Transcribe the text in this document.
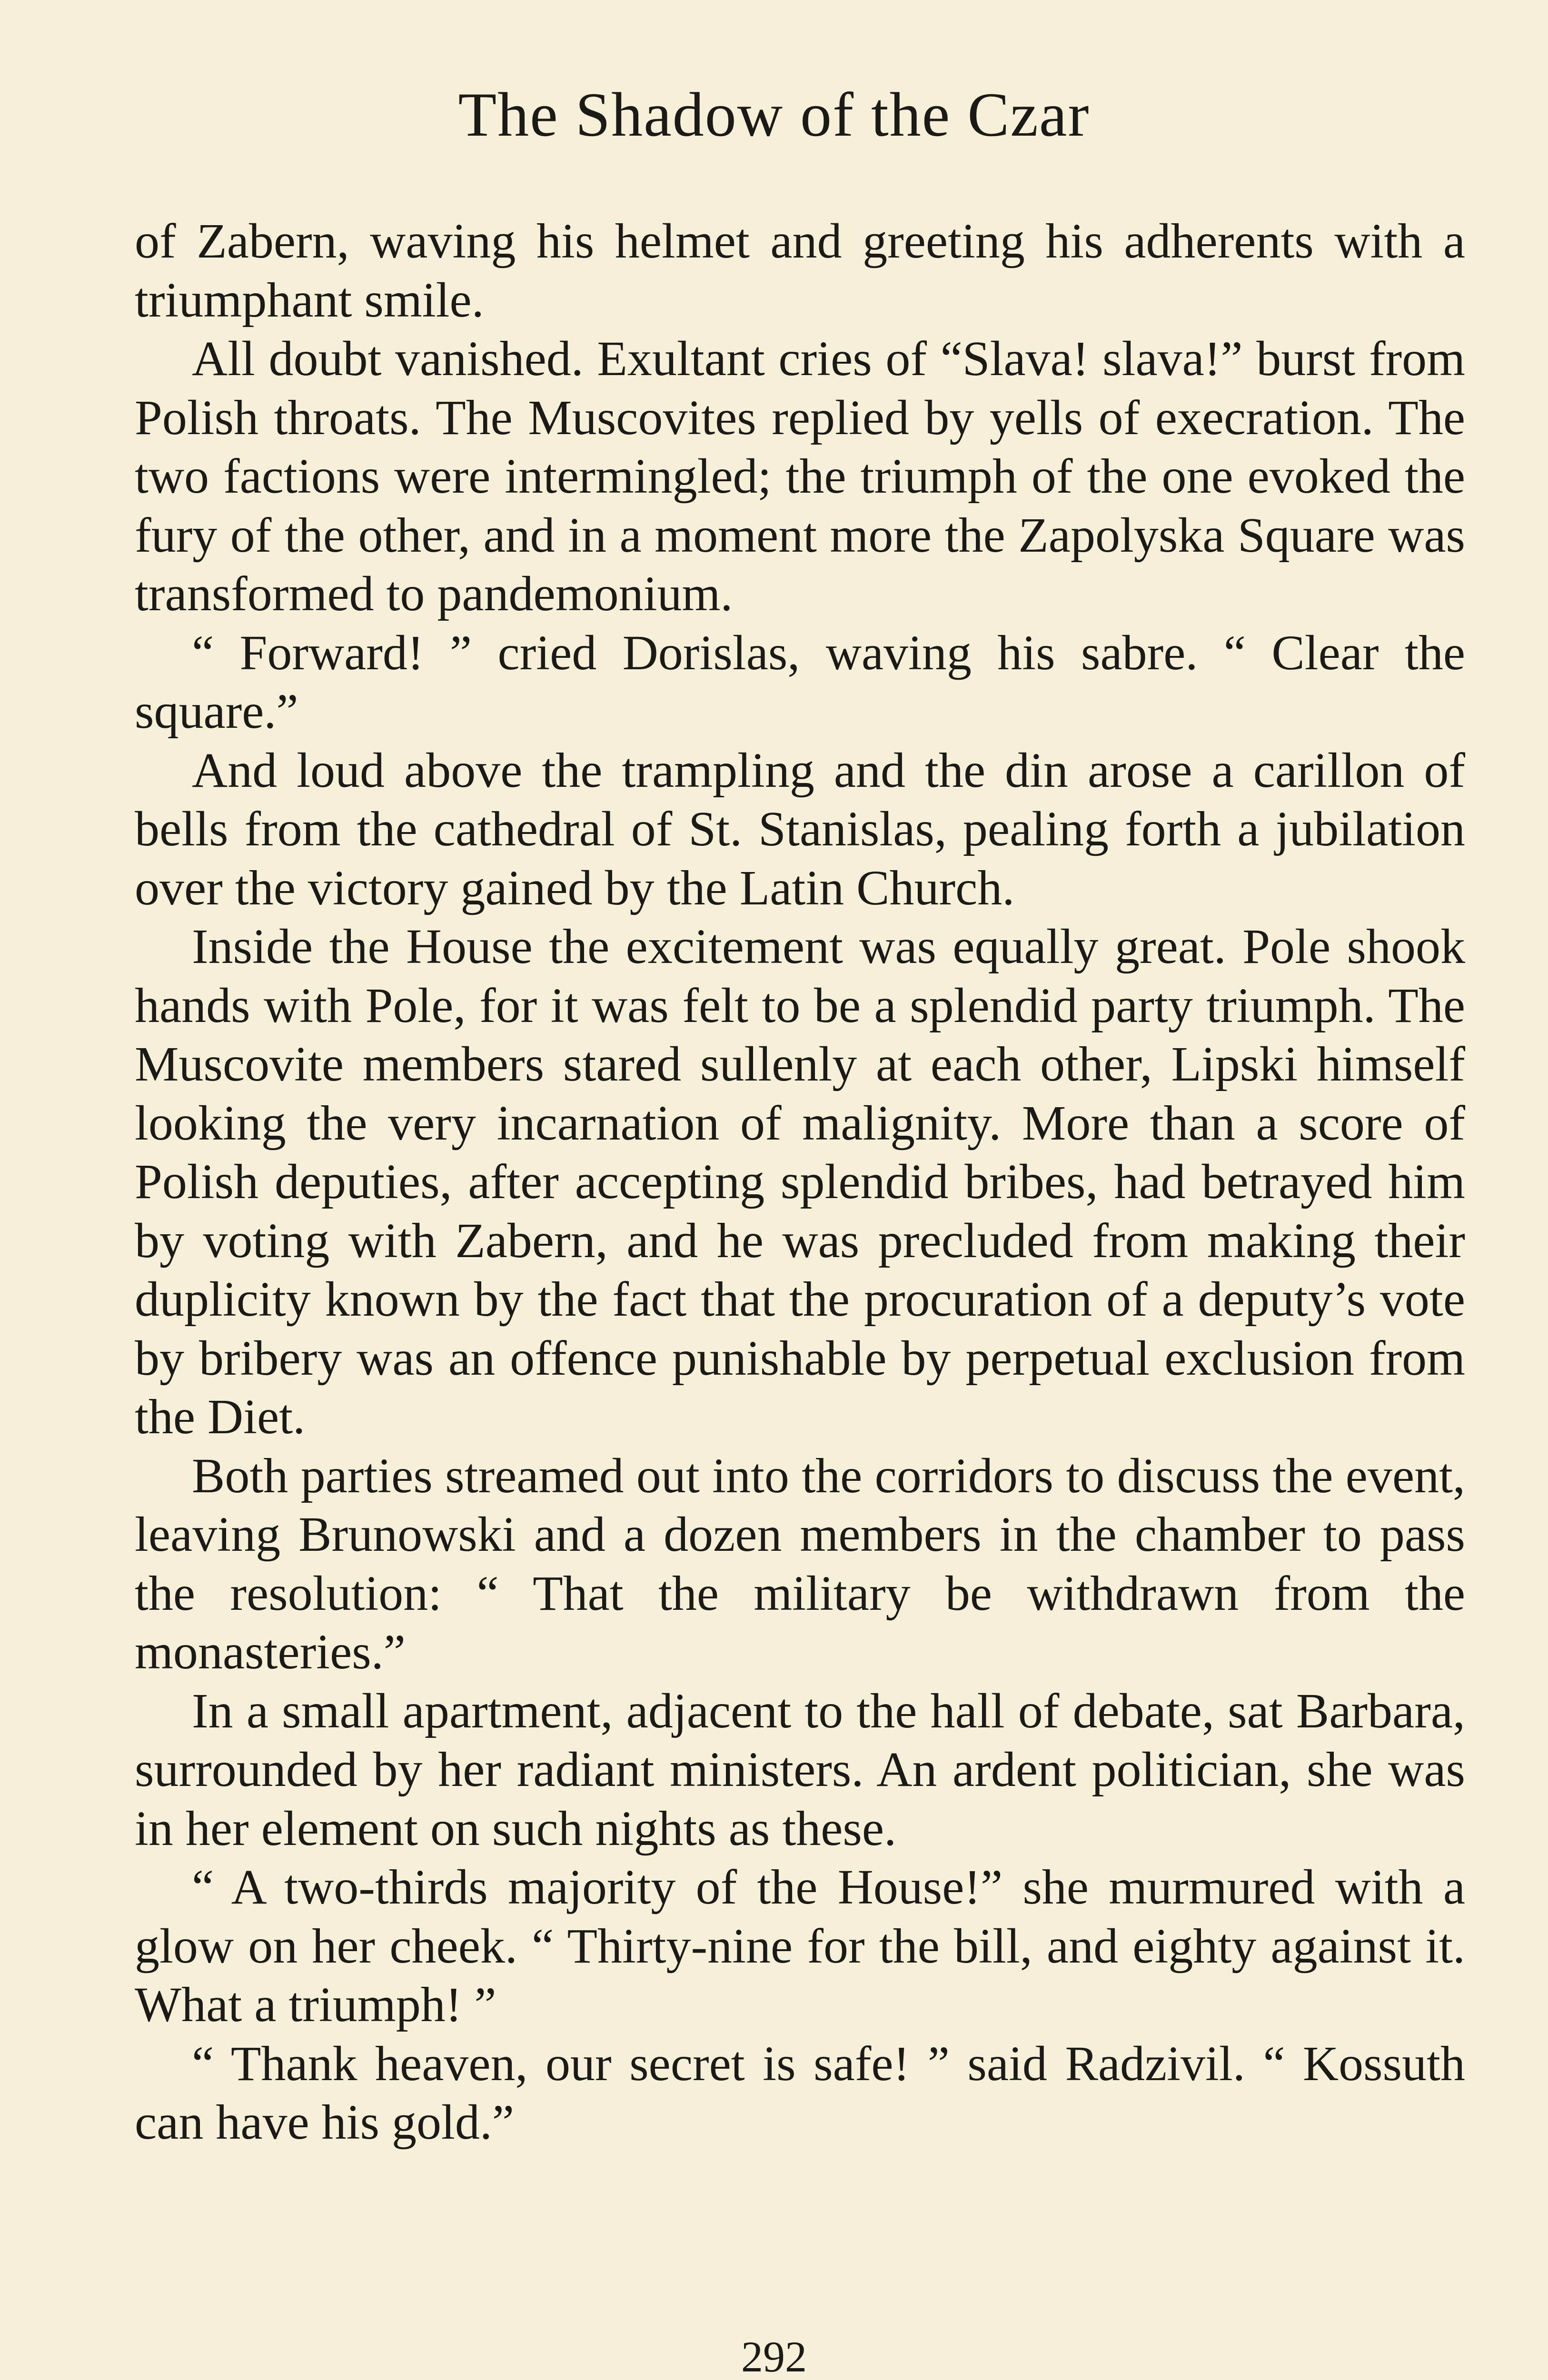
The Shadow of the Czar

of Zabern, waving his helmet and greeting his adherents with a triumphant smile.

All doubt vanished. Exultant cries of “Slava! slava!” burst from Polish throats. The Muscovites replied by yells of execration. The two factions were intermingled; the triumph of the one evoked the fury of the other, and in a moment more the Zapolyska Square was transformed to pandemonium.

“ Forward! ” cried Dorislas, waving his sabre. “ Clear the square.”

And loud above the trampling and the din arose a carillon of bells from the cathedral of St. Stanislas, pealing forth a jubilation over the victory gained by the Latin Church.

Inside the House the excitement was equally great. Pole shook hands with Pole, for it was felt to be a splendid party triumph. The Muscovite members stared sullenly at each other, Lipski himself looking the very incarnation of malignity. More than a score of Polish deputies, after accepting splendid bribes, had betrayed him by voting with Zabern, and he was precluded from making their duplicity known by the fact that the procuration of a deputy’s vote by bribery was an offence punishable by perpetual exclusion from the Diet.

Both parties streamed out into the corridors to discuss the event, leaving Brunowski and a dozen members in the chamber to pass the resolution: “ That the military be withdrawn from the monasteries.”

In a small apartment, adjacent to the hall of debate, sat Barbara, surrounded by her radiant ministers. An ardent politician, she was in her element on such nights as these.

“ A two-thirds majority of the House!” she murmured with a glow on her cheek. “ Thirty-nine for the bill, and eighty against it. What a triumph! ”

“ Thank heaven, our secret is safe! ” said Radzivil. “ Kossuth can have his gold.”

292
